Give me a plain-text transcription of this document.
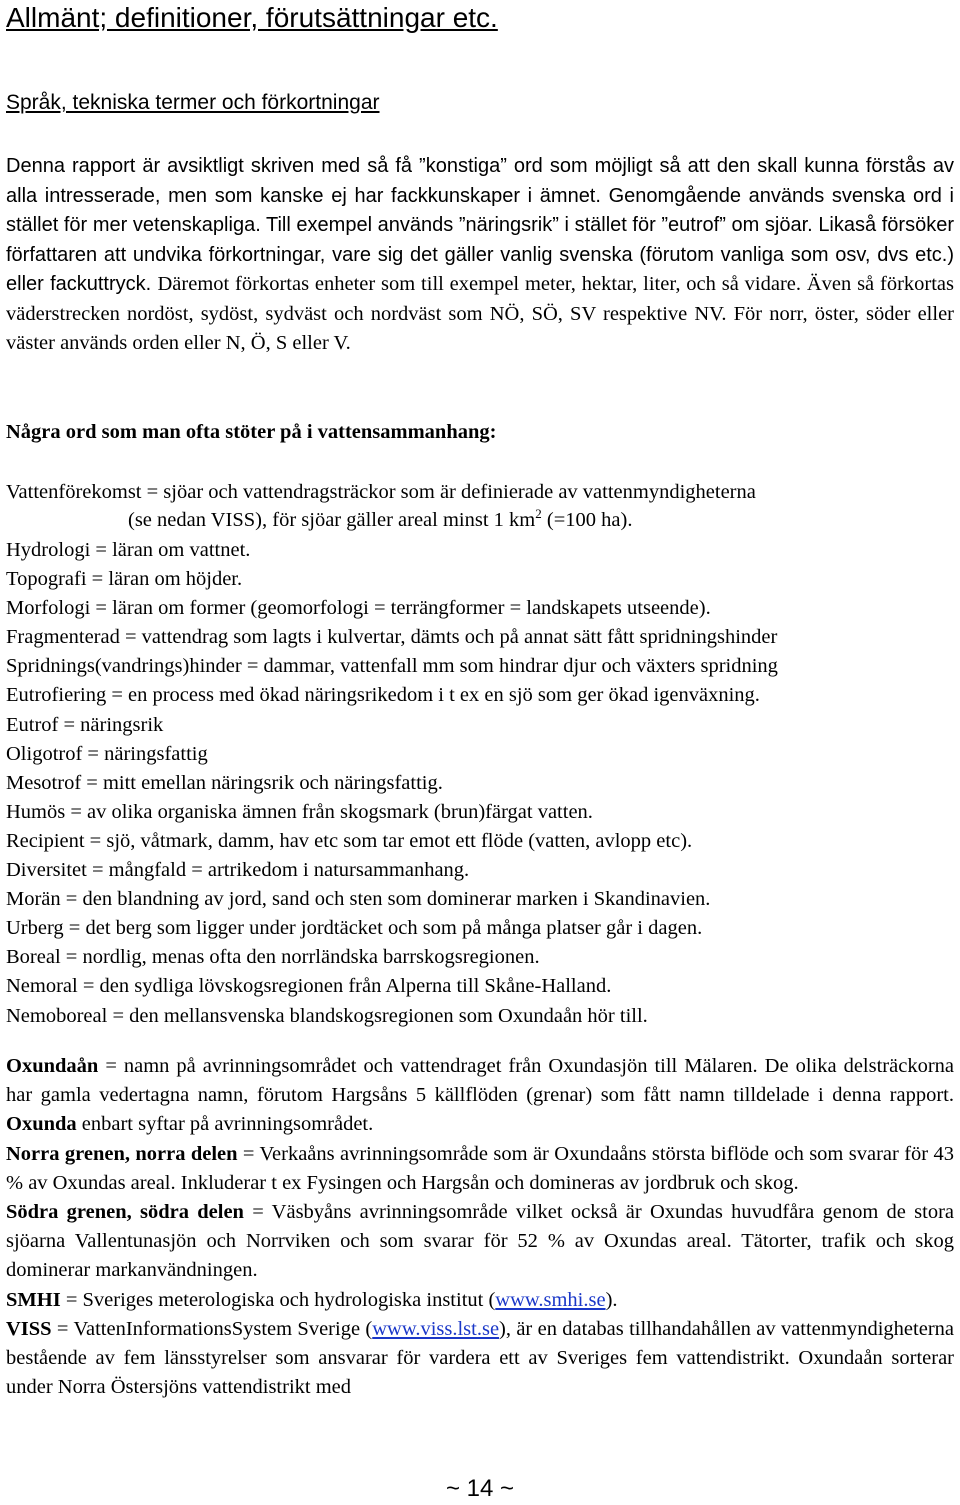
Allmänt; definitioner, förutsättningar etc.
Språk, tekniska termer och förkortningar
Denna rapport är avsiktligt skriven med så få ”konstiga” ord som möjligt så att den skall kunna förstås av alla intresserade, men som kanske ej har fackkunskaper i ämnet. Genomgående används svenska ord i stället för mer vetenskapliga. Till exempel används ”näringsrik” i stället för ”eutrof” om sjöar. Likaså försöker författaren att undvika förkortningar, vare sig det gäller vanlig svenska (förutom vanliga som osv, dvs etc.) eller fackuttryck. Däremot förkortas enheter som till exempel meter, hektar, liter, och så vidare. Även så förkortas väderstrecken nordöst, sydöst, sydväst och nordväst som NÖ, SÖ, SV respektive NV. För norr, öster, söder eller väster används orden eller N, Ö, S eller V.
Några ord som man ofta stöter på i vattensammanhang:
Vattenförekomst = sjöar och vattendragsträckor som är definierade av vattenmyndigheterna
(se nedan VISS), för sjöar gäller areal minst 1 $km^2$ (=100 ha).
Hydrologi = läran om vattnet.
Topografi = läran om höjder.
Morfologi = läran om former (geomorfologi = terrängformer = landskapets utseende).
Fragmenterad = vattendrag som lagts i kulvertar, dämts och på annat sätt fått spridningshinder
Spridnings(vandrings)hinder = dammar, vattenfall mm som hindrar djur och växters spridning
Eutrofiering = en process med ökad näringsrikedom i t ex en sjö som ger ökad igenväxning.
Eutrof = näringsrik
Oligotrof = näringsfattig
Mesotrof = mitt emellan näringsrik och näringsfattig.
Humös = av olika organiska ämnen från skogsmark (brun)färgat vatten.
Recipient = sjö, våtmark, damm, hav etc som tar emot ett flöde (vatten, avlopp etc).
Diversitet = mångfald = artrikedom i natursammanhang.
Morän = den blandning av jord, sand och sten som dominerar marken i Skandinavien.
Urberg = det berg som ligger under jordtäcket och som på många platser går i dagen.
Boreal = nordlig, menas ofta den norrländska barrskogsregionen.
Nemoral = den sydliga lövskogsregionen från Alperna till Skåne-Halland.
Nemoboreal = den mellansvenska blandskogsregionen som Oxundaån hör till.

Oxundaån = namn på avrinningsområdet och vattendraget från Oxundasjön till Mälaren. De olika delsträckorna har gamla vedertagna namn, förutom Hargsåns 5 källflöden (grenar) som fått namn tilldelade i denna rapport. Oxunda enbart syftar på avrinningsområdet.

Norra grenen, norra delen = Verkaåns avrinningsområde som är Oxundaåns största biflöde och som svarar för 43 % av Oxundas areal. Inkluderar t ex Fysingen och Hargsån och domineras av jordbruk och skog.

Södra grenen, södra delen = Väsbyåns avrinningsområde vilket också är Oxundas huvudfåra genom de stora sjöarna Vallentunasjön och Norrviken och som svarar för 52 % av Oxundas areal. Tätorter, trafik och skog dominerar markanvändningen.

SMHI = Sveriges meterologiska och hydrologiska institut (www.smhi.se).

VISS = VattenInformationsSystem Sverige (www.viss.lst.se), är en databas tillhandahållen av vattenmyndigheterna bestående av fem länsstyrelser som ansvarar för vardera ett av Sveriges fem vattendistrikt. Oxundaån sorterar under Norra Östersjöns vattendistrikt med

~ 14 ~
